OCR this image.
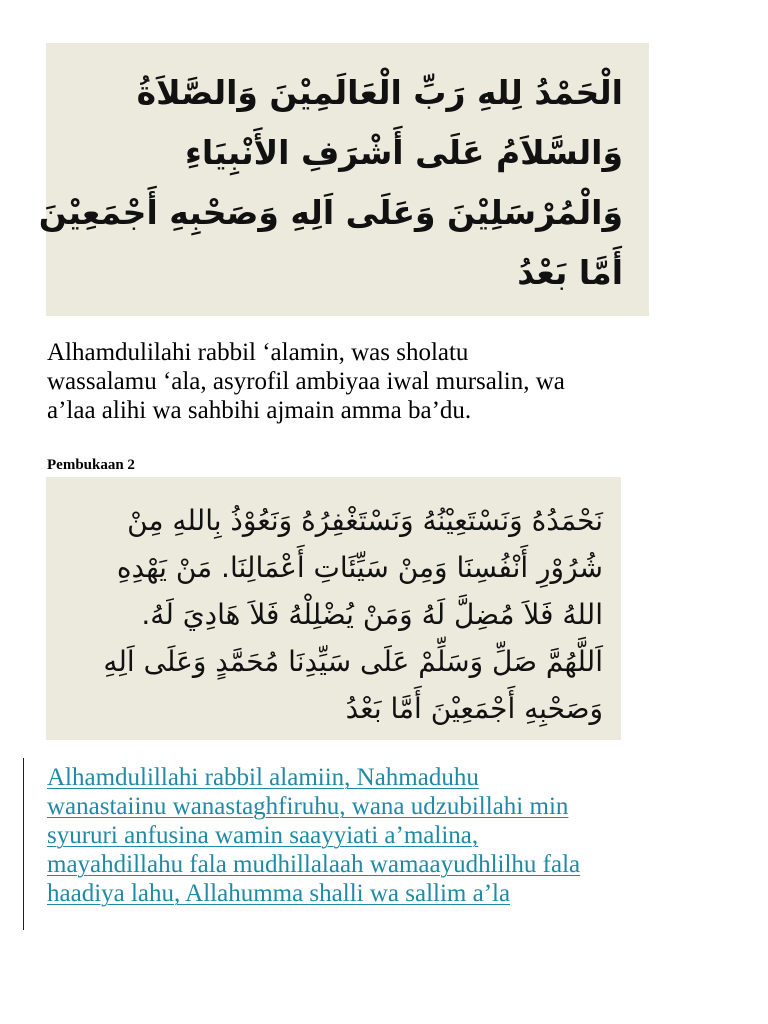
الْحَمْدُ لِلهِ رَبِّ الْعَالَمِيْنَ وَالصَّلاَةُ
وَالسَّلاَمُ عَلَى أَشْرَفِ الأَنْبِيَاءِ
وَالْمُرْسَلِيْنَ وَعَلَى اَلِهِ وَصَحْبِهِ أَجْمَعِيْنَ
أَمَّا بَعْدُ
Alhamdulilahi rabbil ‘alamin, was sholatu
wassalamu ‘ala, asyrofil ambiyaa iwal mursalin, wa
a’laa alihi wa sahbihi ajmain amma ba’du.
Pembukaan 2
نَحْمَدُهُ وَنَسْتَعِيْنُهُ وَنَسْتَغْفِرُهُ وَنَعُوْذُ بِاللهِ مِنْ
شُرُوْرِ أَنْفُسِنَا وَمِنْ سَيِّئَاتِ أَعْمَالِنَا. مَنْ يَهْدِهِ
اللهُ فَلاَ مُضِلَّ لَهُ وَمَنْ يُضْلِلْهُ فَلاَ هَادِيَ لَهُ.
اَللَّهُمَّ صَلِّ وَسَلِّمْ عَلَى سَيِّدِنَا مُحَمَّدٍ وَعَلَى اَلِهِ
وَصَحْبِهِ أَجْمَعِيْنَ أَمَّا بَعْدُ
Alhamdulillahi rabbil alamiin, Nahmaduhu
wanastaiinu wanastaghfiruhu, wana udzubillahi min
syururi anfusina wamin saayyiati a’malina,
mayahdillahu fala mudhillalaah wamaayudhlilhu fala
haadiya lahu, Allahumma shalli wa sallim a’la
